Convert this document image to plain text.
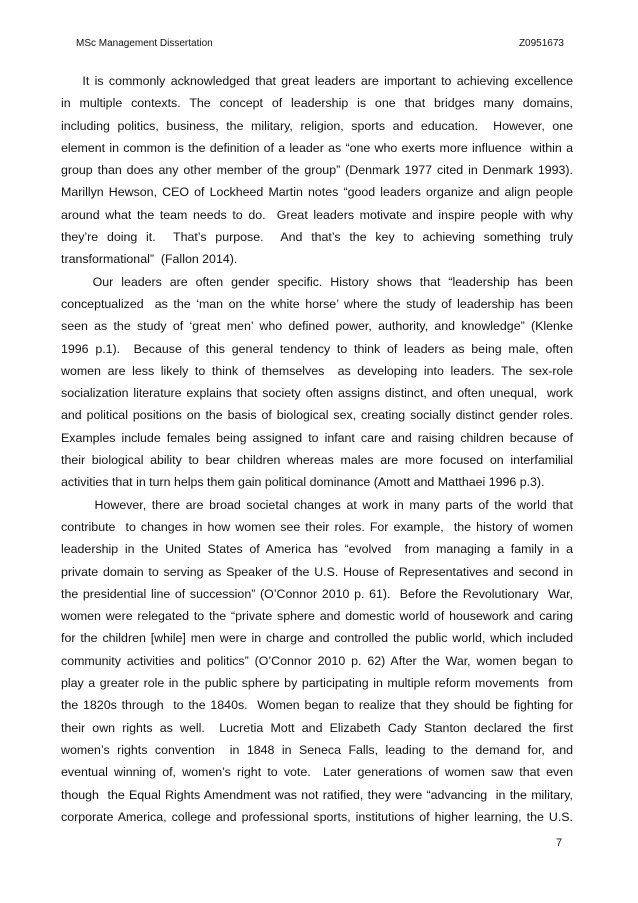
MSc Management Dissertation	Z0951673
It is commonly acknowledged that great leaders are important to achieving excellence
in multiple contexts. The concept of leadership is one that bridges many domains,
including politics, business, the military, religion, sports and education.  However, one
element in common is the definition of a leader as “one who exerts more influence  within a
group than does any other member of the group” (Denmark 1977 cited in Denmark 1993).
Marillyn Hewson, CEO of Lockheed Martin notes “good leaders organize and align people
around what the team needs to do.  Great leaders motivate and inspire people with why
they’re doing it.  That’s purpose.  And that’s the key to achieving something truly
transformational”  (Fallon 2014).
Our leaders are often gender specific. History shows that “leadership has been
conceptualized  as the ‘man on the white horse’ where the study of leadership has been
seen as the study of ‘great men’ who defined power, authority, and knowledge” (Klenke
1996 p.1).  Because of this general tendency to think of leaders as being male, often
women are less likely to think of themselves  as developing into leaders. The sex-role
socialization literature explains that society often assigns distinct, and often unequal,  work
and political positions on the basis of biological sex, creating socially distinct gender roles.
Examples include females being assigned to infant care and raising children because of
their biological ability to bear children whereas males are more focused on interfamilial
activities that in turn helps them gain political dominance (Amott and Matthaei 1996 p.3).
However, there are broad societal changes at work in many parts of the world that
contribute  to changes in how women see their roles. For example,  the history of women
leadership in the United States of America has “evolved  from managing a family in a
private domain to serving as Speaker of the U.S. House of Representatives and second in
the presidential line of succession” (O’Connor 2010 p. 61).  Before the Revolutionary  War,
women were relegated to the “private sphere and domestic world of housework and caring
for the children [while] men were in charge and controlled the public world, which included
community activities and politics” (O’Connor 2010 p. 62) After the War, women began to
play a greater role in the public sphere by participating in multiple reform movements  from
the 1820s through  to the 1840s.  Women began to realize that they should be fighting for
their own rights as well.  Lucretia Mott and Elizabeth Cady Stanton declared the first
women’s rights convention  in 1848 in Seneca Falls, leading to the demand for, and
eventual winning of, women’s right to vote.  Later generations of women saw that even
though  the Equal Rights Amendment was not ratified, they were “advancing  in the military,
corporate America, college and professional sports, institutions of higher learning, the U.S.
7
